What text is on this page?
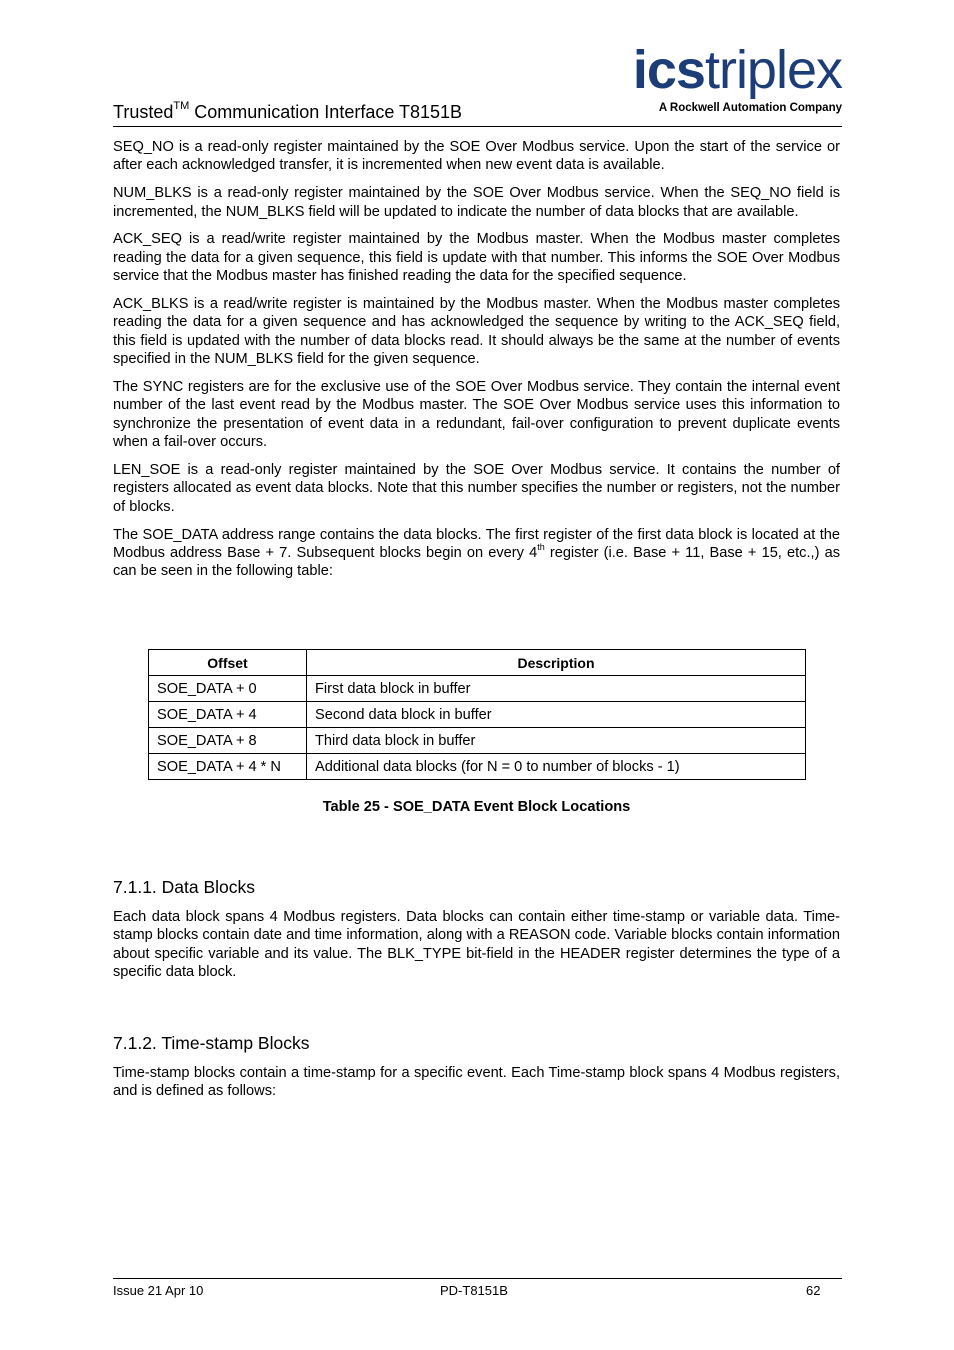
Trusted™ Communication Interface T8151B
icstriplex
A Rockwell Automation Company

SEQ_NO is a read-only register maintained by the SOE Over Modbus service. Upon the start of the service or after each acknowledged transfer, it is incremented when new event data is available.

NUM_BLKS is a read-only register maintained by the SOE Over Modbus service. When the SEQ_NO field is incremented, the NUM_BLKS field will be updated to indicate the number of data blocks that are available.

ACK_SEQ is a read/write register maintained by the Modbus master. When the Modbus master completes reading the data for a given sequence, this field is update with that number. This informs the SOE Over Modbus service that the Modbus master has finished reading the data for the specified sequence.

ACK_BLKS is a read/write register is maintained by the Modbus master. When the Modbus master completes reading the data for a given sequence and has acknowledged the sequence by writing to the ACK_SEQ field, this field is updated with the number of data blocks read. It should always be the same at the number of events specified in the NUM_BLKS field for the given sequence.

The SYNC registers are for the exclusive use of the SOE Over Modbus service. They contain the internal event number of the last event read by the Modbus master. The SOE Over Modbus service uses this information to synchronize the presentation of event data in a redundant, fail-over configuration to prevent duplicate events when a fail-over occurs.

LEN_SOE is a read-only register maintained by the SOE Over Modbus service. It contains the number of registers allocated as event data blocks. Note that this number specifies the number or registers, not the number of blocks.

The SOE_DATA address range contains the data blocks. The first register of the first data block is located at the Modbus address Base + 7. Subsequent blocks begin on every 4th register (i.e. Base + 11, Base + 15, etc.,) as can be seen in the following table:

Offset	Description
SOE_DATA + 0	First data block in buffer
SOE_DATA + 4	Second data block in buffer
SOE_DATA + 8	Third data block in buffer
SOE_DATA + 4 * N	Additional data blocks (for N = 0 to number of blocks - 1)
Table 25 - SOE_DATA Event Block Locations
7.1.1. Data Blocks

Each data block spans 4 Modbus registers. Data blocks can contain either time-stamp or variable data. Time-stamp blocks contain date and time information, along with a REASON code. Variable blocks contain information about specific variable and its value. The BLK_TYPE bit-field in the HEADER register determines the type of a specific data block.

7.1.2. Time-stamp Blocks

Time-stamp blocks contain a time-stamp for a specific event. Each Time-stamp block spans 4 Modbus registers, and is defined as follows:

Issue 21 Apr 10	PD-T8151B	62
